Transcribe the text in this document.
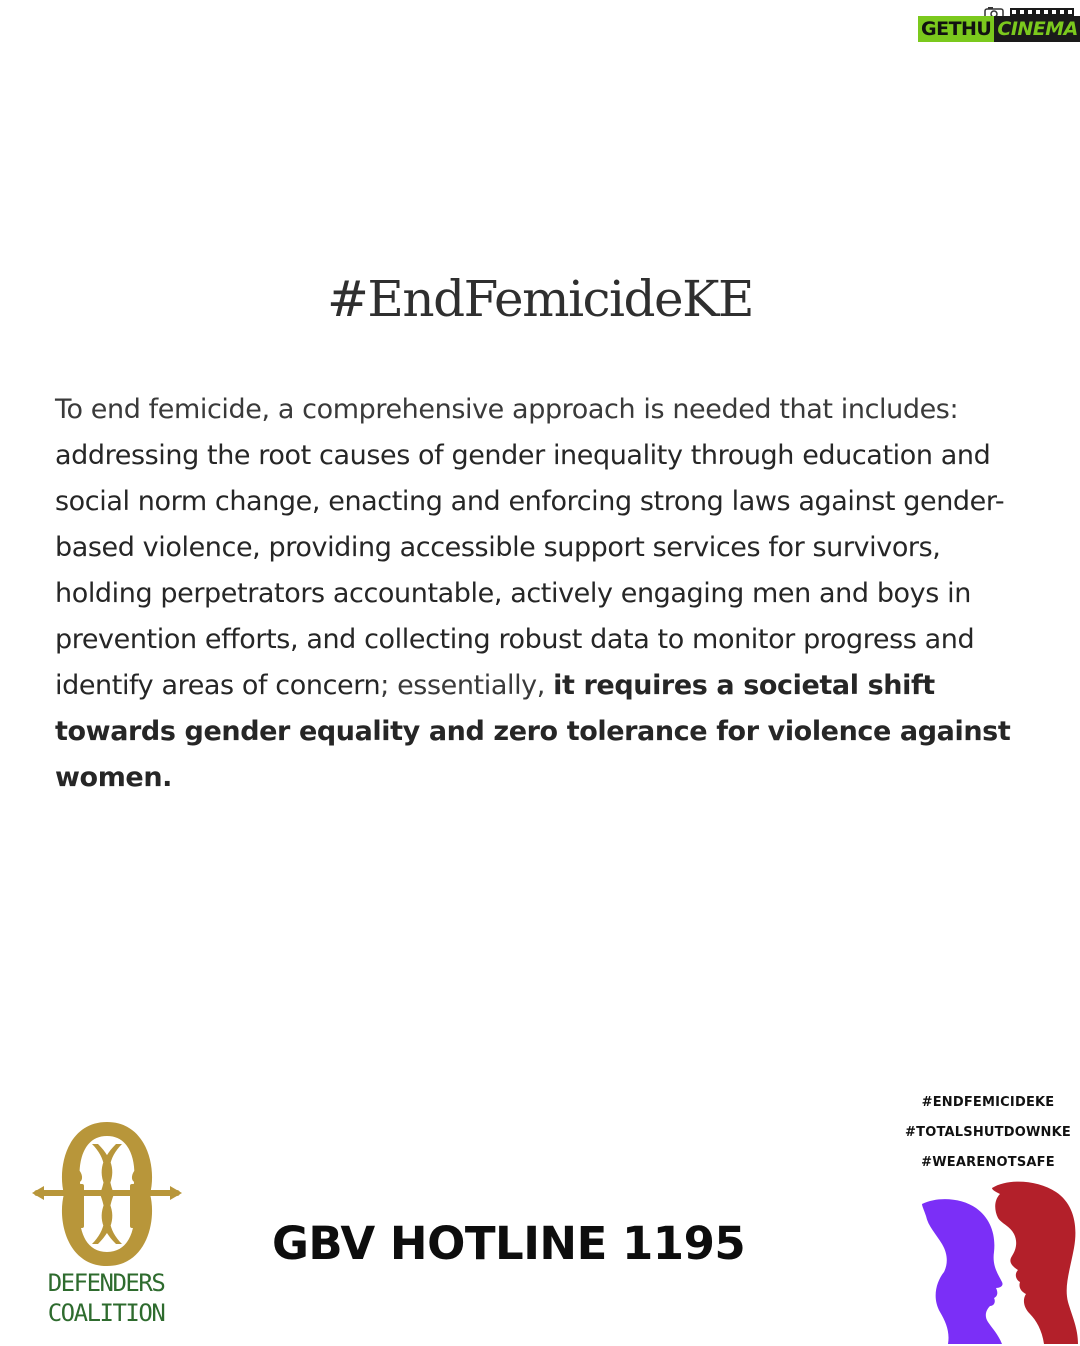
GETHU CINEMA
#EndFemicideKE

To end femicide, a comprehensive approach is needed that includes: addressing the root causes of gender inequality through education and social norm change, enacting and enforcing strong laws against gender-based violence, providing accessible support services for survivors, holding perpetrators accountable, actively engaging men and boys in prevention efforts, and collecting robust data to monitor progress and identify areas of concern; essentially, it requires a societal shift towards gender equality and zero tolerance for violence against women.

DEFENDERS
COALITION
GBV HOTLINE 1195
#ENDFEMICIDEKE
#TOTALSHUTDOWNKE
#WEARENOTSAFE
